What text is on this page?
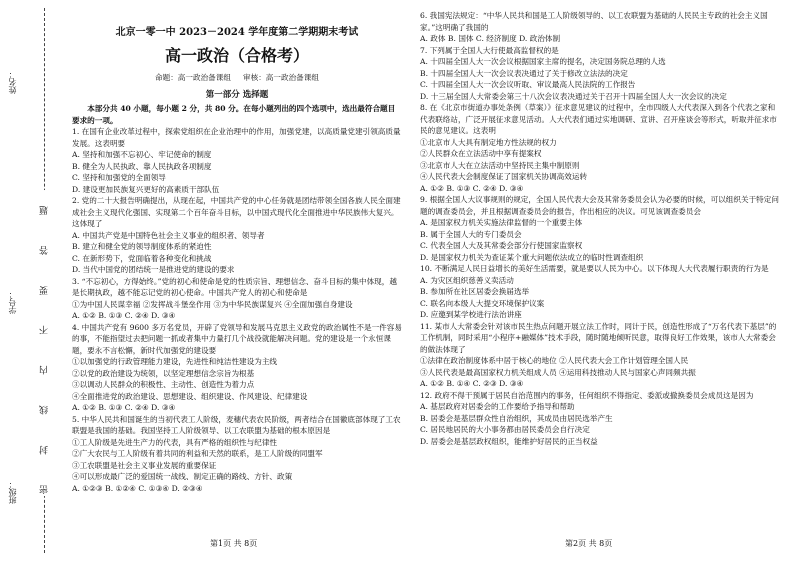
姓名：
学号：
班级：	密 封 线 内 不 要 答 题
北京一零一中 2023－2024 学年度第二学期期末考试
高一政治（合格考）
命题：高一政治备课组 审核：高一政治备课组
第一部分 选择题

本部分共 40 小题，每小题 2 分，共 80 分。在每小题列出的四个选项中，选出最符合题目要求的一项。

1. 在国有企业改革过程中，探索党组织在企业治理中的作用，加强党建，以高质量党建引领高质量发展。这表明要

A. 坚持和加强不忘初心、牢记使命的制度

B. 健全为人民执政、靠人民执政各项制度

C. 坚持和加强党的全面领导

D. 建设更加民族复兴更好的高素质干部队伍

2. 党的二十大报告明确提出，从现在起，中国共产党的中心任务就是团结带领全国各族人民全面建成社会主义现代化强国、实现第二个百年奋斗目标，以中国式现代化全面推进中华民族伟大复兴。这体现了

A. 中国共产党是中国特色社会主义事业的组织者、领导者

B. 建立和健全党的领导制度体系的紧迫性

C. 在新形势下，党面临着各种变化和挑战

D. 当代中国党的团结统一是推进党的建设的要求

3. “不忘初心，方得始终。”党的初心和使命是党的性质宗旨、理想信念、奋斗目标的集中体现，越是长期执政，越不能忘记党的初心使命。中国共产党人的初心和使命是

①为中国人民谋幸福 ②发挥战斗堡垒作用 ③为中华民族谋复兴 ④全面加强自身建设

A. ①② B. ①③ C. ②④ D. ③④

4. 中国共产党有 9600 多万名党员，开辟了党领导和发展马克思主义政党的政治属性不是一件容易的事，不能指望过去把问题一抓或者集中力量打几个战役就能解决问题。党的建设是一个永恒课题，要永不言松懈，新时代加强党的建设要

①以加强党的行政管理能力建设，先进性和纯洁性建设为主线

②以党的政治建设为统领，以坚定理想信念宗旨为根基

③以调动人民群众的积极性、主动性、创造性为着力点

④全面推进党的政治建设、思想建设、组织建设、作风建设、纪律建设

A. ①② B. ①③ C. ②④ D. ③④

5. 中华人民共和国诞生的当初代表工人阶级，麦穗代表农民阶级，两者结合在国徽底部体现了工农联盟是我国的基础。我国坚持工人阶级领导、以工农联盟为基础的根本原因是

①工人阶级是先进生产力的代表，具有严格的组织性与纪律性

②广大农民与工人阶级有着共同的利益和天然的联系，是工人阶级的同盟军

③工农联盟是社会主义事业发展的重要保证

④可以形成最广泛的爱国统一战线、制定正确的路线、方针、政策

A. ①②③ B. ①②④ C. ①③④ D. ②③④

6. 我国宪法规定：“中华人民共和国是工人阶级领导的、以工农联盟为基础的人民民主专政的社会主义国家。”这明确了我国的

A. 政体 B. 国体 C. 经济制度 D. 政治体制

7. 下列属于全国人大行使最高监督权的是

A. 十四届全国人大一次会议根据国家主席的提名，决定国务院总理的人选

B. 十四届全国人大一次会议表决通过了关于修改立法法的决定

C. 十四届全国人大一次会议听取、审议最高人民法院的工作报告

D. 十三届全国人大常委会第三十八次会议表决通过关于召开十四届全国人大一次会议的决定

8. 在《北京市街道办事处条例（草案）》征求意见建议的过程中，全市四级人大代表深入到各个代表之家和代表联络站，广泛开展征求意见活动。人大代表们通过实地调研、宣讲、召开座谈会等形式，听取并征求市民的意见建议。这表明

①北京市人大具有制定地方性法规的权力

②人民群众在立法活动中享有提案权

③北京市人大在立法活动中坚持民主集中制原则

④人民代表大会制度保证了国家机关协调高效运转

A. ①② B. ①③ C. ②④ D. ③④

9. 根据全国人大议事规则的规定，全国人民代表大会及其常务委员会认为必要的时候，可以组织关于特定问题的调查委员会，并且根据调查委员会的报告，作出相应的决议。可见该调查委员会

A. 是国家权力机关实施法律监督的一个重要主体

B. 属于全国人大的专门委员会

C. 代表全国人大及其常委会部分行使国家监察权

D. 是国家权力机关为查证某个重大问题依法成立的临时性调查组织

10. 不断满足人民日益增长的美好生活需要，就是要以人民为中心。以下体现人大代表履行职责的行为是

A. 为灾区组织慈善义卖活动

B. 参加所在社区居委会换届选举

C. 联名向本级人大提交环境保护议案

D. 应邀到某学校进行法治讲座

11. 某市人大常委会针对该市民生热点问题开展立法工作时，同计于民，创造性形成了“万名代表下基层”的工作机制，同时采用“小程序+融媒体”技术手段，随时随地倾听民意，取得良好工作效果，该市人大常委会的做法体现了

①法律在政治制度体系中居于核心的地位 ②人民代表大会工作计划管理全国人民

③人民代表是最高国家权力机关组成人员 ④运用科技推动人民与国家心声同频共振

A. ①② B. ①④ C. ②③ D. ③④

12. 政府不得干预属于居民自治范围内的事务，任何组织不得指定、委派或撤换委员会成员这是因为

A. 基层政府对居委会的工作要给予指导和帮助

B. 居委会是基层群众性自治组织，其成员由居民选举产生

C. 居民地居民的大小事务都由居民委员会自行决定

D. 居委会是基层政权组织，能维护好居民的正当权益

第1页 共 8页	第2页 共 8页
